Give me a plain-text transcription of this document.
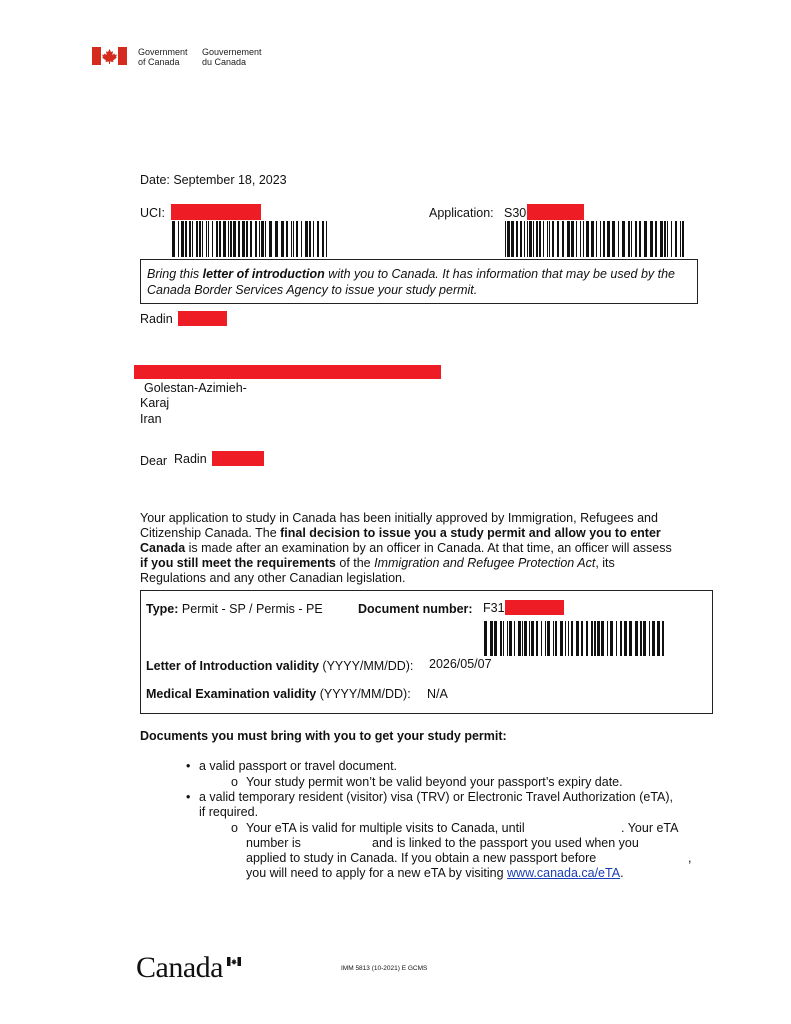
Government
of Canada
Gouvernement
du Canada
Date: September 18, 2023
UCI:	Application: S30
Bring this letter of introduction with you to Canada. It has information that may be used by the
Canada Border Services Agency to issue your study permit.
Radin
Golestan-Azimieh-
Karaj
Iran
Dear Radin
Your application to study in Canada has been initially approved by Immigration, Refugees and
Citizenship Canada. The final decision to issue you a study permit and allow you to enter
Canada is made after an examination by an officer in Canada. At that time, an officer will assess
if you still meet the requirements of the Immigration and Refugee Protection Act, its
Regulations and any other Canadian legislation.
Type: Permit - SP / Permis - PE	Document number: F31
Letter of Introduction validity (YYYY/MM/DD): 2026/05/07
Medical Examination validity (YYYY/MM/DD): N/A
Documents you must bring with you to get your study permit:
• a valid passport or travel document.
o Your study permit won’t be valid beyond your passport’s expiry date.
• a valid temporary resident (visitor) visa (TRV) or Electronic Travel Authorization (eTA),
if required.
o Your eTA is valid for multiple visits to Canada, until	. Your eTA
number is	and is linked to the passport you used when you
applied to study in Canada. If you obtain a new passport before	,
you will need to apply for a new eTA by visiting www.canada.ca/eTA.
Canada	IMM 5813 (10-2021) E GCMS
